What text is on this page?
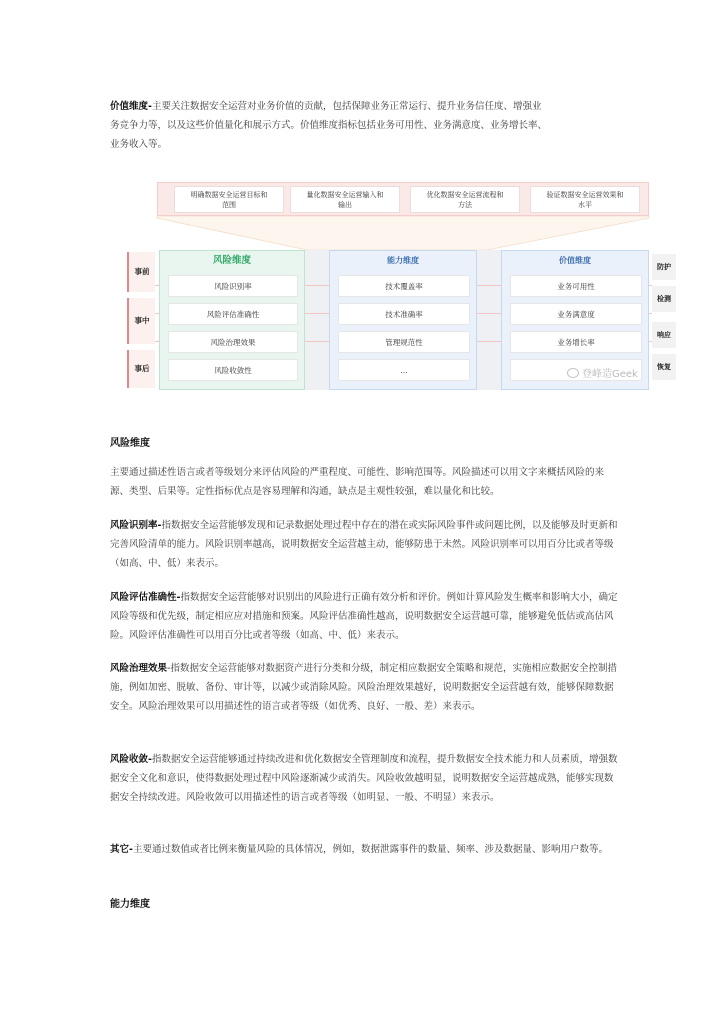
价值维度-主要关注数据安全运营对业务价值的贡献，包括保障业务正常运行、提升业务信任度、增强业
务竞争力等，以及这些价值量化和展示方式。价值维度指标包括业务可用性、业务满意度、业务增长率、
业务收入等。
明确数据安全运营目标和
范围
量化数据安全运营输入和
输出
优化数据安全运营流程和
方法
验证数据安全运营效果和
水平
事前
事中
事后
风险维度
风险识别率
风险评估准确性
风险治理效果
风险收敛性
能力维度
技术覆盖率
技术准确率
管理规范性
...
价值维度
业务可用性
业务满意度
业务增长率
防护
检测
响应
恢复
登峰造Geek
风险维度
主要通过描述性语言或者等级划分来评估风险的严重程度、可能性、影响范围等。风险描述可以用文字来概括风险的来源、类型、后果等。定性指标优点是容易理解和沟通，缺点是主观性较强，难以量化和比较。
风险识别率-指数据安全运营能够发现和记录数据处理过程中存在的潜在或实际风险事件或问题比例，以及能够及时更新和完善风险清单的能力。风险识别率越高，说明数据安全运营越主动，能够防患于未然。风险识别率可以用百分比或者等级（如高、中、低）来表示。
风险评估准确性-指数据安全运营能够对识别出的风险进行正确有效分析和评价。例如计算风险发生概率和影响大小，确定风险等级和优先级，制定相应应对措施和预案。风险评估准确性越高，说明数据安全运营越可靠，能够避免低估或高估风险。风险评估准确性可以用百分比或者等级（如高、中、低）来表示。
风险治理效果-指数据安全运营能够对数据资产进行分类和分级，制定相应数据安全策略和规范，实施相应数据安全控制措施，例如加密、脱敏、备份、审计等，以减少或消除风险。风险治理效果越好，说明数据安全运营越有效，能够保障数据安全。风险治理效果可以用描述性的语言或者等级（如优秀、良好、一般、差）来表示。
风险收敛-指数据安全运营能够通过持续改进和优化数据安全管理制度和流程，提升数据安全技术能力和人员素质，增强数据安全文化和意识，使得数据处理过程中风险逐渐减少或消失。风险收敛越明显，说明数据安全运营越成熟，能够实现数据安全持续改进。风险收敛可以用描述性的语言或者等级（如明显、一般、不明显）来表示。
其它-主要通过数值或者比例来衡量风险的具体情况，例如，数据泄露事件的数量、频率、涉及数据量、影响用户数等。
能力维度
